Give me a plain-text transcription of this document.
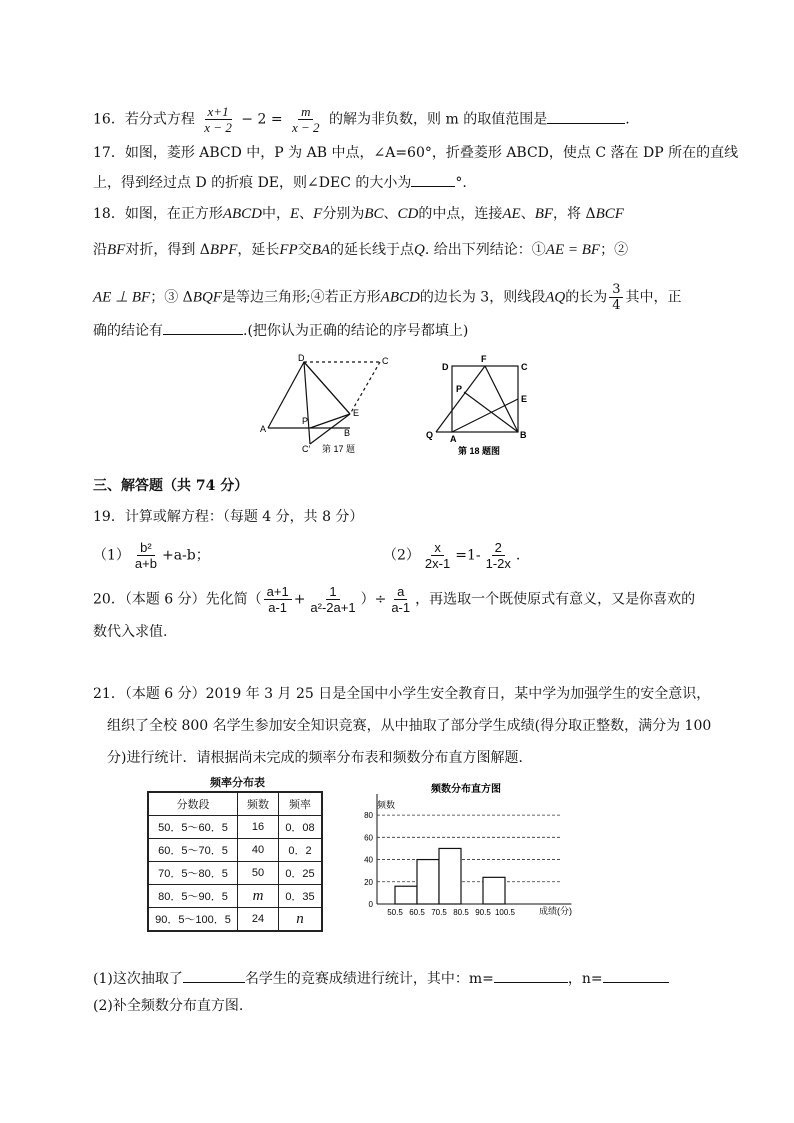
16．若分式方程 $\frac{x+1}{x - 2} - 2 = \frac{m}{x - 2}$ 的解为非负数，则 m 的取值范围是	.
17．如图，菱形 ABCD 中，P 为 AB 中点，∠A=60°，折叠菱形 ABCD，使点 C 落在 DP 所在的直线
上，得到经过点 D 的折痕 DE，则∠DEC 的大小为	°.
18．如图，在正方形ABCD中，E、F分别为BC、CD的中点，连接AE、BF，将 ΔBCF
沿BF对折，得到 ΔBPF，延长FP交BA的延长线于点Q. 给出下列结论：①AE = BF；②
AE ⊥ BF；③ ΔBQF是等边三角形;④若正方形ABCD的边长为 3，则线段AQ的长为 $\frac{3}{4}$ 其中，正
确的结论有	.(把你认为正确的结论的序号都填上)
D	C
A
P
B
E
C′ 第 17 题
D
F
C
P
E
Q A	B
第 18 题图
三、解答题（共 74 分）
19．计算或解方程：（每题 4 分，共 8 分）
$(1) \frac{\text{b²}}{a+b} +a-b$；	$(2) \frac{x}{2x-1} =1- \frac{2}{1-2x}$ .
20．（本题 6 分）先化简（ $\frac{a+1}{a-1} + \frac{1}{\text{a²-2a+1}}$ ）÷ $\frac{a}{a-1}$ ，再选取一个既使原式有意义，又是你喜欢的
数代入求值.
21．（本题 6 分）2019 年 3 月 25 日是全国中小学生安全教育日，某中学为加强学生的安全意识，
组织了全校 800 名学生参加安全知识竞赛，从中抽取了部分学生成绩(得分取正整数，满分为 100
分)进行统计．请根据尚未完成的频率分布表和频数分布直方图解题．
频率分布表
分数段	频数	频率
50．5～60．5	16	0．08
60．5～70．5	40	0．2
70．5～80．5	50	0．25
80．5～90．5	m	0．35
90．5～100．5	24	n
频数分布直方图
频数
成绩(分)
0
20
40
60
80
50.5 60.5 70.5 80.5 90.5 100.5
(1)这次抽取了	名学生的竞赛成绩进行统计，其中：m=	，n=
(2)补全频数分布直方图.
